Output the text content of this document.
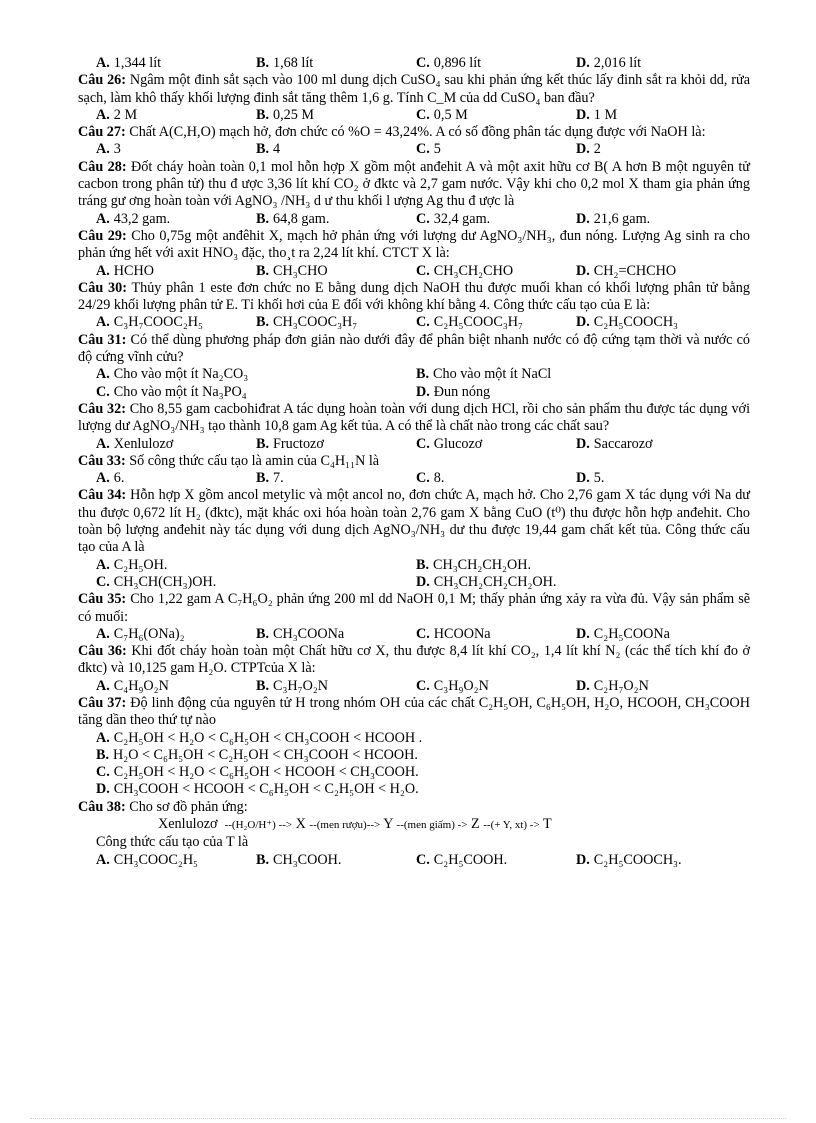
A. 1,344 lít	B. 1,68 lít	C. 0,896 lít	D. 2,016 lít
Câu 26: Ngâm một đinh sắt sạch vào 100 ml dung dịch CuSO₄ sau khi phản ứng kết thúc lấy đinh sắt ra khỏi dd, rửa sạch, làm khô thấy khối lượng đinh sắt tăng thêm 1,6 g. Tính C_M của dd CuSO₄ ban đầu?
A. 2 M	B. 0,25 M	C. 0,5 M	D. 1 M
Câu 27: Chất A(C,H,O) mạch hở, đơn chức có %O = 43,24%. A có số đồng phân tác dụng được với NaOH là:
A. 3	B. 4	C. 5	D. 2
Câu 28: Đốt cháy hoàn toàn 0,1 mol hỗn hợp X gồm một anđehit A và một axit hữu cơ B( A hơn B một nguyên tử cacbon trong phân tử) thu đ ược 3,36 lít khí CO₂ ở đktc và 2,7 gam nước. Vậy khi cho 0,2 mol X tham gia phản ứng tráng gư ơng hoàn toàn với AgNO₃ /NH₃ d ư thu khối l ượng Ag thu đ ược là
A. 43,2 gam.	B. 64,8 gam.	C. 32,4 gam.	D. 21,6 gam.
Câu 29: Cho 0,75g một anđêhit X, mạch hở phản ứng với lượng dư AgNO₃/NH₃, đun nóng. Lượng Ag sinh ra cho phản ứng hết với axit HNO₃ đặc, tho¸t ra 2,24 lít khí. CTCT X là:
A. HCHO	B. CH₃CHO	C. CH₃CH₂CHO	D. CH₂=CHCHO
Câu 30: Thủy phân 1 este đơn chức no E bằng dung dịch NaOH thu được muối khan có khối lượng phân tử bằng 24/29 khối lượng phân tử E. Tỉ khối hơi của E đối với không khí bằng 4. Công thức cấu tạo của E là:
A. C₃H₇COOC₂H₅	B. CH₃COOC₃H₇	C. C₂H₅COOC₃H₇	D. C₂H₅COOCH₃
Câu 31: Có thể dùng phương pháp đơn giản nào dưới đây để phân biệt nhanh nước có độ cứng tạm thời và nước có độ cứng vĩnh cửu?
A. Cho vào một ít Na₂CO₃	B. Cho vào một ít NaCl
C. Cho vào một ít Na₃PO₄	D. Đun nóng
Câu 32: Cho 8,55 gam cacbohiđrat A tác dụng hoàn toàn với dung dịch HCl, rồi cho sản phẩm thu được tác dụng với lượng dư AgNO₃/NH₃ tạo thành 10,8 gam Ag kết tủa. A có thể là chất nào trong các chất sau?
A. Xenlulozơ	B. Fructozơ	C. Glucozơ	D. Saccarozơ
Câu 33: Số công thức cấu tạo là amin của C₄H₁₁N là
A. 6.	B. 7.	C. 8.	D. 5.
Câu 34: Hỗn hợp X gồm ancol metylic và một ancol no, đơn chức A, mạch hở. Cho 2,76 gam X tác dụng với Na dư thu được 0,672 lít H₂ (đktc), mặt khác oxi hóa hoàn toàn 2,76 gam X bằng CuO (t⁰) thu được hỗn hợp anđehit. Cho toàn bộ lượng anđehit này tác dụng với dung dịch AgNO₃/NH₃ dư thu được 19,44 gam chất kết tủa. Công thức cấu tạo của A là
A. C₂H₅OH.	B. CH₃CH₂CH₂OH.
C. CH₃CH(CH₃)OH.	D. CH₃CH₂CH₂CH₂OH.
Câu 35: Cho 1,22 gam A C₇H₆O₂ phản ứng 200 ml dd NaOH 0,1 M; thấy phản ứng xảy ra vừa đủ. Vậy sản phẩm sẽ có muối:
A. C₇H₆(ONa)₂	B. CH₃COONa	C. HCOONa	D. C₂H₅COONa
Câu 36: Khi đốt cháy hoàn toàn một Chất hữu cơ X, thu được 8,4 lít khí CO₂, 1,4 lít khí N₂ (các thể tích khí đo ở đktc) và 10,125 gam H₂O. CTPTcủa X là:
A. C₄H₉O₂N	B. C₃H₇O₂N	C. C₃H₉O₂N	D. C₂H₇O₂N
Câu 37: Độ linh động của nguyên tử H trong nhóm OH của các chất C₂H₅OH, C₆H₅OH, H₂O, HCOOH, CH₃COOH tăng dần theo thứ tự nào
A. C₂H₅OH < H₂O < C₆H₅OH < CH₃COOH < HCOOH .
B. H₂O < C₆H₅OH < C₂H₅OH < CH₃COOH < HCOOH.
C. C₂H₅OH < H₂O < C₆H₅OH < HCOOH < CH₃COOH.
D. CH₃COOH < HCOOH < C₆H₅OH < C₂H₅OH < H₂O.
Câu 38: Cho sơ đồ phản ứng:
Xenlulozơ --(H₂O/H⁺) --> X --(men rượu)--> Y --(men giấm) -> Z --(+ Y, xt) -> T
Công thức cấu tạo của T là
A. CH₃COOC₂H₅	B. CH₃COOH.	C. C₂H₅COOH.	D. C₂H₅COOCH₃.
